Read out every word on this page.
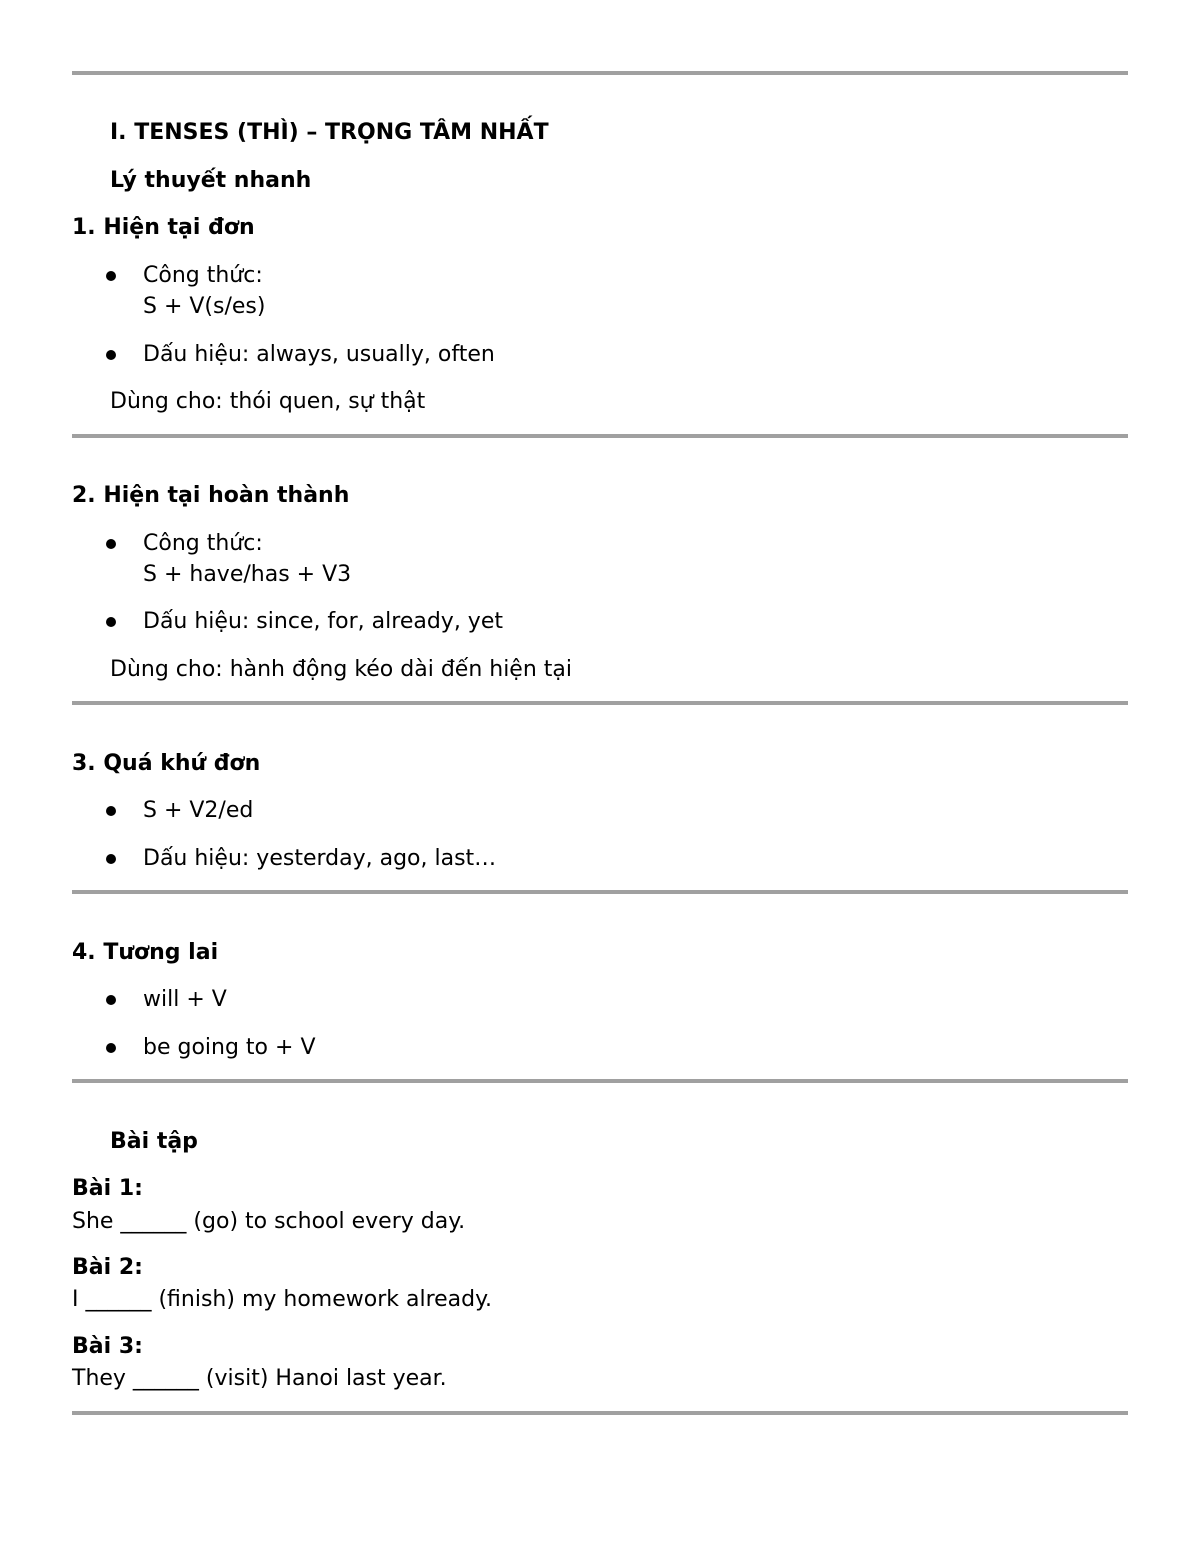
I. TENSES (THÌ) – TRỌNG TÂM NHẤT
Lý thuyết nhanh
1. Hiện tại đơn
Công thức:
S + V(s/es)
Dấu hiệu: always, usually, often
Dùng cho: thói quen, sự thật
2. Hiện tại hoàn thành
Công thức:
S + have/has + V3
Dấu hiệu: since, for, already, yet
Dùng cho: hành động kéo dài đến hiện tại
3. Quá khứ đơn
S + V2/ed
Dấu hiệu: yesterday, ago, last…
4. Tương lai
will + V
be going to + V
Bài tập
Bài 1:
She ______ (go) to school every day.
Bài 2:
I ______ (finish) my homework already.
Bài 3:
They ______ (visit) Hanoi last year.
